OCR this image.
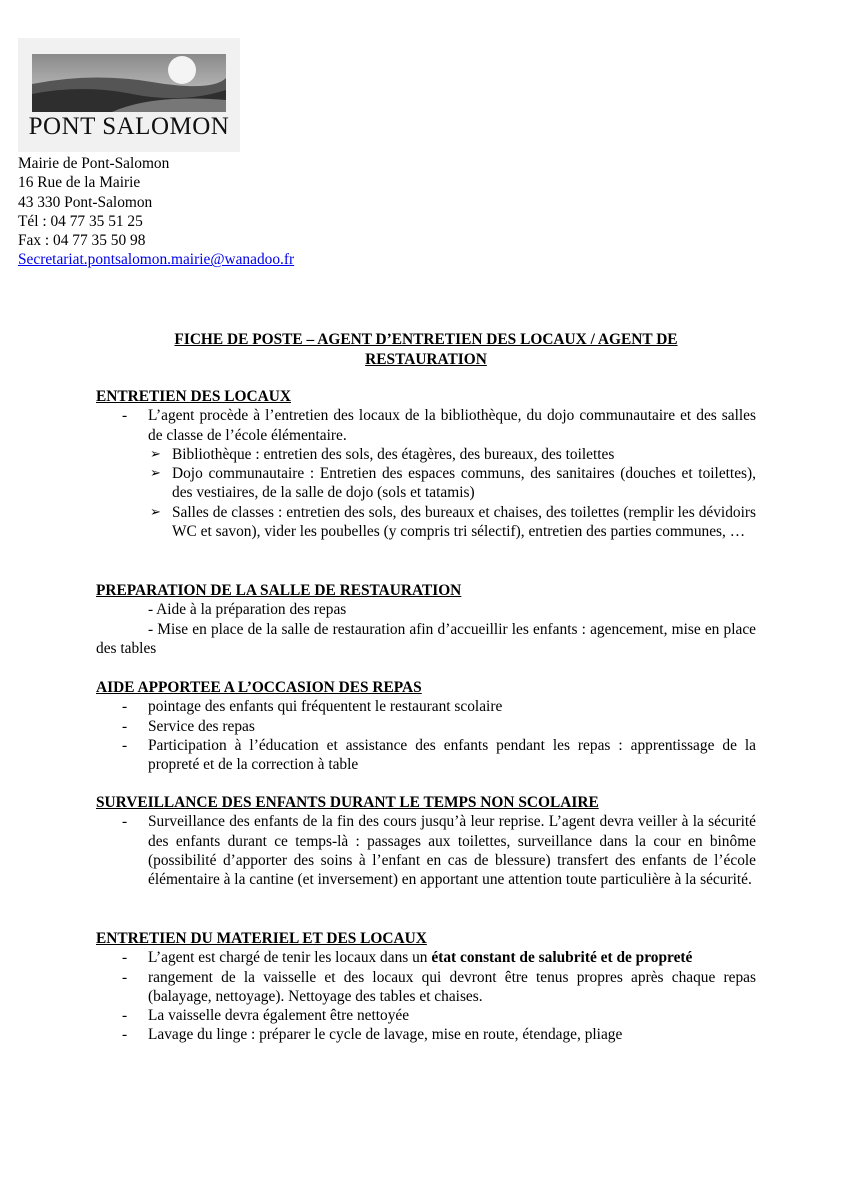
PONT SALOMON
Mairie de Pont-Salomon
16 Rue de la Mairie
43 330 Pont-Salomon
Tél : 04 77 35 51 25
Fax : 04 77 35 50 98
Secretariat.pontsalomon.mairie@wanadoo.fr
FICHE DE POSTE – AGENT D’ENTRETIEN DES LOCAUX / AGENT DE
RESTAURATION
ENTRETIEN DES LOCAUX
- L’agent procède à l’entretien des locaux de la bibliothèque, du dojo communautaire et des salles de classe de l’école élémentaire.
➢ Bibliothèque : entretien des sols, des étagères, des bureaux, des toilettes
➢ Dojo communautaire : Entretien des espaces communs, des sanitaires (douches et toilettes), des vestiaires, de la salle de dojo (sols et tatamis)
➢ Salles de classes : entretien des sols, des bureaux et chaises, des toilettes (remplir les dévidoirs WC et savon), vider les poubelles (y compris tri sélectif), entretien des parties communes, …
PREPARATION DE LA SALLE DE RESTAURATION
- Aide à la préparation des repas
- Mise en place de la salle de restauration afin d’accueillir les enfants : agencement, mise en place des tables
AIDE APPORTEE A L’OCCASION DES REPAS
- pointage des enfants qui fréquentent le restaurant scolaire
- Service des repas
- Participation à l’éducation et assistance des enfants pendant les repas : apprentissage de la propreté et de la correction à table
SURVEILLANCE DES ENFANTS DURANT LE TEMPS NON SCOLAIRE
- Surveillance des enfants de la fin des cours jusqu’à leur reprise. L’agent devra veiller à la sécurité des enfants durant ce temps-là : passages aux toilettes, surveillance dans la cour en binôme (possibilité d’apporter des soins à l’enfant en cas de blessure) transfert des enfants de l’école élémentaire à la cantine (et inversement) en apportant une attention toute particulière à la sécurité.
ENTRETIEN DU MATERIEL ET DES LOCAUX
- L’agent est chargé de tenir les locaux dans un état constant de salubrité et de propreté
- rangement de la vaisselle et des locaux qui devront être tenus propres après chaque repas (balayage, nettoyage). Nettoyage des tables et chaises.
- La vaisselle devra également être nettoyée
- Lavage du linge : préparer le cycle de lavage, mise en route, étendage, pliage
